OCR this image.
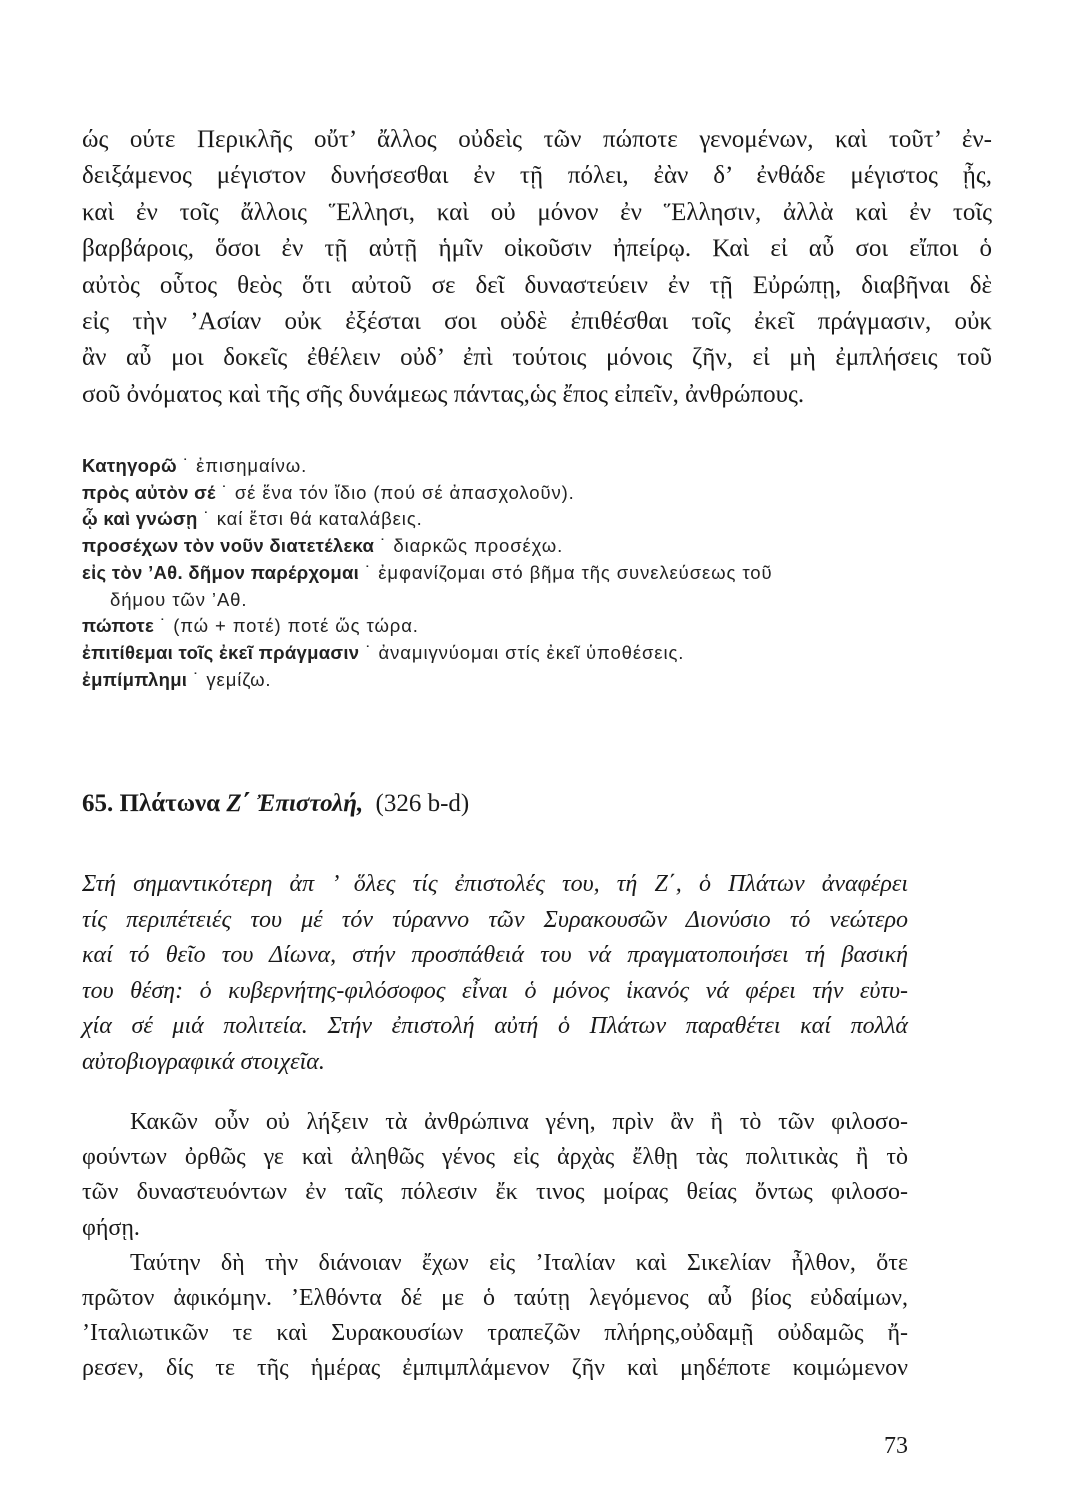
ώς ούτε Περικλῆς οὔτ’ ἄλλος οὐδεὶς τῶν πώποτε γενομένων, καὶ τοῦτ’ ἐν-
δειξάμενος μέγιστον δυνήσεσθαι ἐν τῇ πόλει, ἐὰν δ’ ἐνθάδε μέγιστος ᾖς,
καὶ ἐν τοῖς ἄλλοις Ἕλλησι, καὶ οὐ μόνον ἐν Ἕλλησιν, ἀλλὰ καὶ ἐν τοῖς
βαρβάροις, ὅσοι ἐν τῇ αὐτῇ ἡμῖν οἰκοῦσιν ἠπείρῳ. Καὶ εἰ αὖ σοι εἴποι ὁ
αὐτὸς οὗτος θεὸς ὅτι αὐτοῦ σε δεῖ δυναστεύειν ἐν τῇ Εὐρώπῃ, διαβῆναι δὲ
εἰς τὴν ’Ασίαν οὐκ ἐξέσται σοι οὐδὲ ἐπιθέσθαι τοῖς ἐκεῖ πράγμασιν, οὐκ
ἂν αὖ μοι δοκεῖς ἐθέλειν οὐδ’ ἐπὶ τούτοις μόνοις ζῆν, εἰ μὴ ἐμπλήσεις τοῦ
σοῦ ὀνόματος καὶ τῆς σῆς δυνάμεως πάντας,ὡς ἔπος εἰπεῖν, ἀνθρώπους.
Κατηγορῶ ˙ ἐπισημαίνω.
πρὸς αὐτὸν σέ ˙ σέ ἕνα τόν ἴδιο (πού σέ ἀπασχολοῦν).
ᾧ καὶ γνώσῃ ˙ καί ἔτσι θά καταλάβεις.
προσέχων τὸν νοῦν διατετέλεκα ˙ διαρκῶς προσέχω.
εἰς τὸν ’Αθ. δῆμον παρέρχομαι ˙ ἐμφανίζομαι στό βῆμα τῆς συνελεύσεως τοῦ
δήμου τῶν ’Αθ.
πώποτε ˙ (πώ + ποτέ) ποτέ ὥς τώρα.
ἐπιτίθεμαι τοῖς ἐκεῖ πράγμασιν ˙ ἀναμιγνύομαι στίς ἐκεῖ ὑποθέσεις.
ἐμπίμπλημι ˙ γεμίζω.
65. Πλάτωνα Ζ΄ Ἐπιστολή, (326 b-d)
Στή σημαντικότερη ἀπ ’ ὅλες τίς ἐπιστολές του, τή Ζ΄, ὁ Πλάτων ἀναφέρει
τίς περιπέτειές του μέ τόν τύραννο τῶν Συρακουσῶν Διονύσιο τό νεώτερο
καί τό θεῖο του Δίωνα, στήν προσπάθειά του νά πραγματοποιήσει τή βασική
του θέση: ὁ κυβερνήτης-φιλόσοφος εἶναι ὁ μόνος ἱκανός νά φέρει τήν εὐτυ-
χία σέ μιά πολιτεία. Στήν ἐπιστολή αὐτή ὁ Πλάτων παραθέτει καί πολλά
αὐτοβιογραφικά στοιχεῖα.
Κακῶν οὖν οὐ λήξειν τὰ ἀνθρώπινα γένη, πρὶν ἂν ἢ τὸ τῶν φιλοσο-
φούντων ὀρθῶς γε καὶ ἀληθῶς γένος εἰς ἀρχὰς ἔλθῃ τὰς πολιτικὰς ἢ τὸ
τῶν δυναστευόντων ἐν ταῖς πόλεσιν ἔκ τινος μοίρας θείας ὄντως φιλοσο-
φήσῃ.
Ταύτην δὴ τὴν διάνοιαν ἔχων εἰς ’Ιταλίαν καὶ Σικελίαν ἦλθον, ὅτε
πρῶτον ἀφικόμην. ’Ελθόντα δέ με ὁ ταύτῃ λεγόμενος αὖ βίος εὐδαίμων,
’Ιταλιωτικῶν τε καὶ Συρακουσίων τραπεζῶν πλήρης,οὐδαμῇ οὐδαμῶς ἤ-
ρεσεν, δίς τε τῆς ἡμέρας ἐμπιμπλάμενον ζῆν καὶ μηδέποτε κοιμώμενον
73
